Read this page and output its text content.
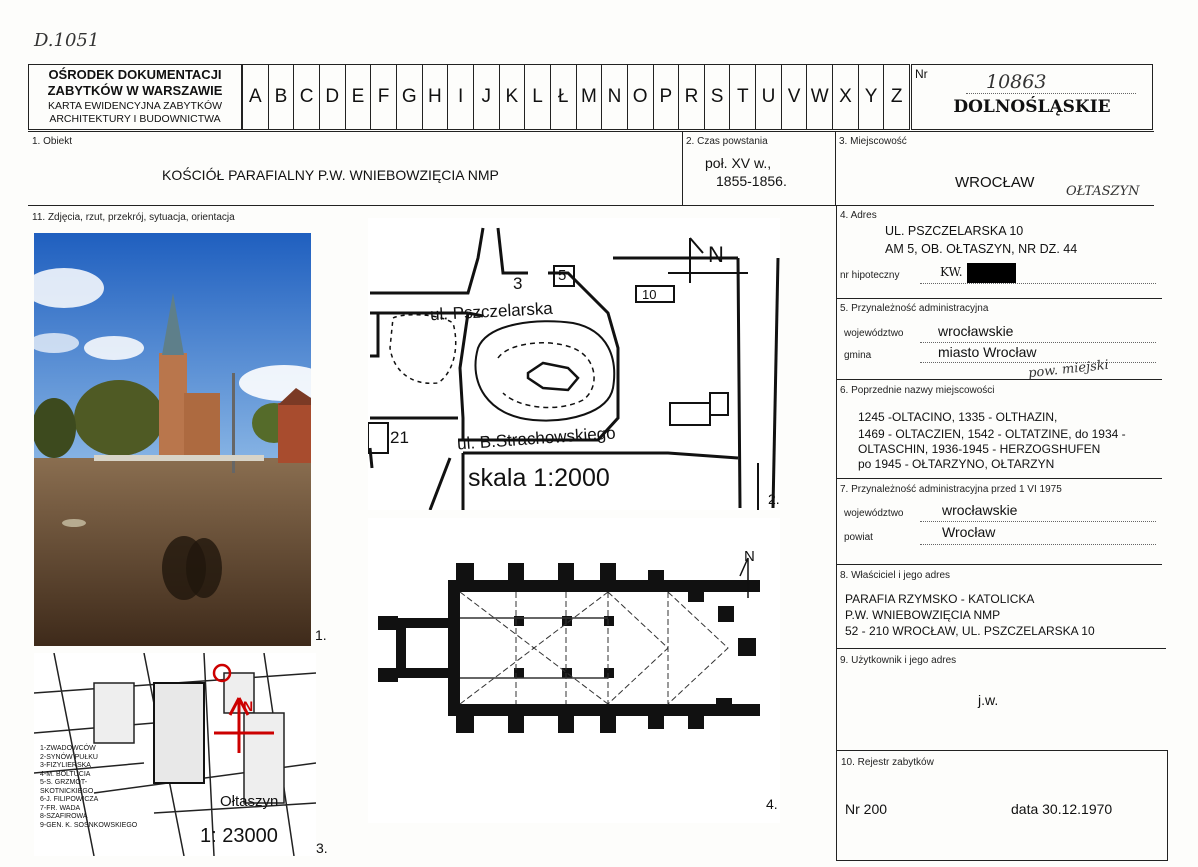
D.1051
OŚRODEK DOKUMENTACJI
ZABYTKÓW W WARSZAWIE
KARTA EWIDENCYJNA ZABYTKÓW
ARCHITEKTURY I BUDOWNICTWA
A B C D E F G H I J K L Ł M N O P R S T U V W X Y Z
Nr	10863
DOLNOŚLĄSKIE
1. Obiekt
KOŚCIÓŁ PARAFIALNY P.W. WNIEBOWZIĘCIA NMP
2. Czas powstania
poł. XV w.,
1855-1856.
3. Miejscowość
WROCŁAW
OŁTASZYN
11. Zdjęcia, rzut, przekrój, sytuacja, orientacja	4. Adres
UL. PSZCZELARSKA 10
AM 5, OB. OŁTASZYN, NR DZ. 44
nr hipoteczny	KW.
5. Przynależność administracyjna
województwo wrocławskie
gmina	miasto Wrocław
pow. miejski
6. Poprzednie nazwy miejscowości
1245 -OLTACINO, 1335 - OLTHAZIN,
1469 - OLTACZIEN, 1542 - OLTATZINE, do 1934 -
OLTASCHIN, 1936-1945 - HERZOGSHUFEN
po 1945 - OŁTARZYNO, OŁTARZYN
7. Przynależność administracyjna przed 1 VI 1975
województwo	wrocławskie
powiat	Wrocław
8. Właściciel i jego adres
PARAFIA RZYMSKO - KATOLICKA
P.W. WNIEBOWZIĘCIA NMP
52 - 210 WROCŁAW, UL. PSZCZELARSKA 10
9. Użytkownik i jego adres
j.w.
10. Rejestr zabytków
Nr 200	data 30.12.1970
1.
ul. Pszczelarska
ul. B.Strachowskiego
skala 1:2000
N
3 5
10
21
2.
N
Ołtaszyn
1: 23000
1-ZWADOWCÓW
2-SYNÓW PUŁKU
3-FIZYLIERSKA
4-M. BOLTUCIA
5-S. GRZMOT-
SKOTNICKIEGO
6-J. FILIPOWICZA
7-FR. WADA
8-SZAFIROWA
9-GEN. K. SOSNKOWSKIEGO
3.
N
4.
